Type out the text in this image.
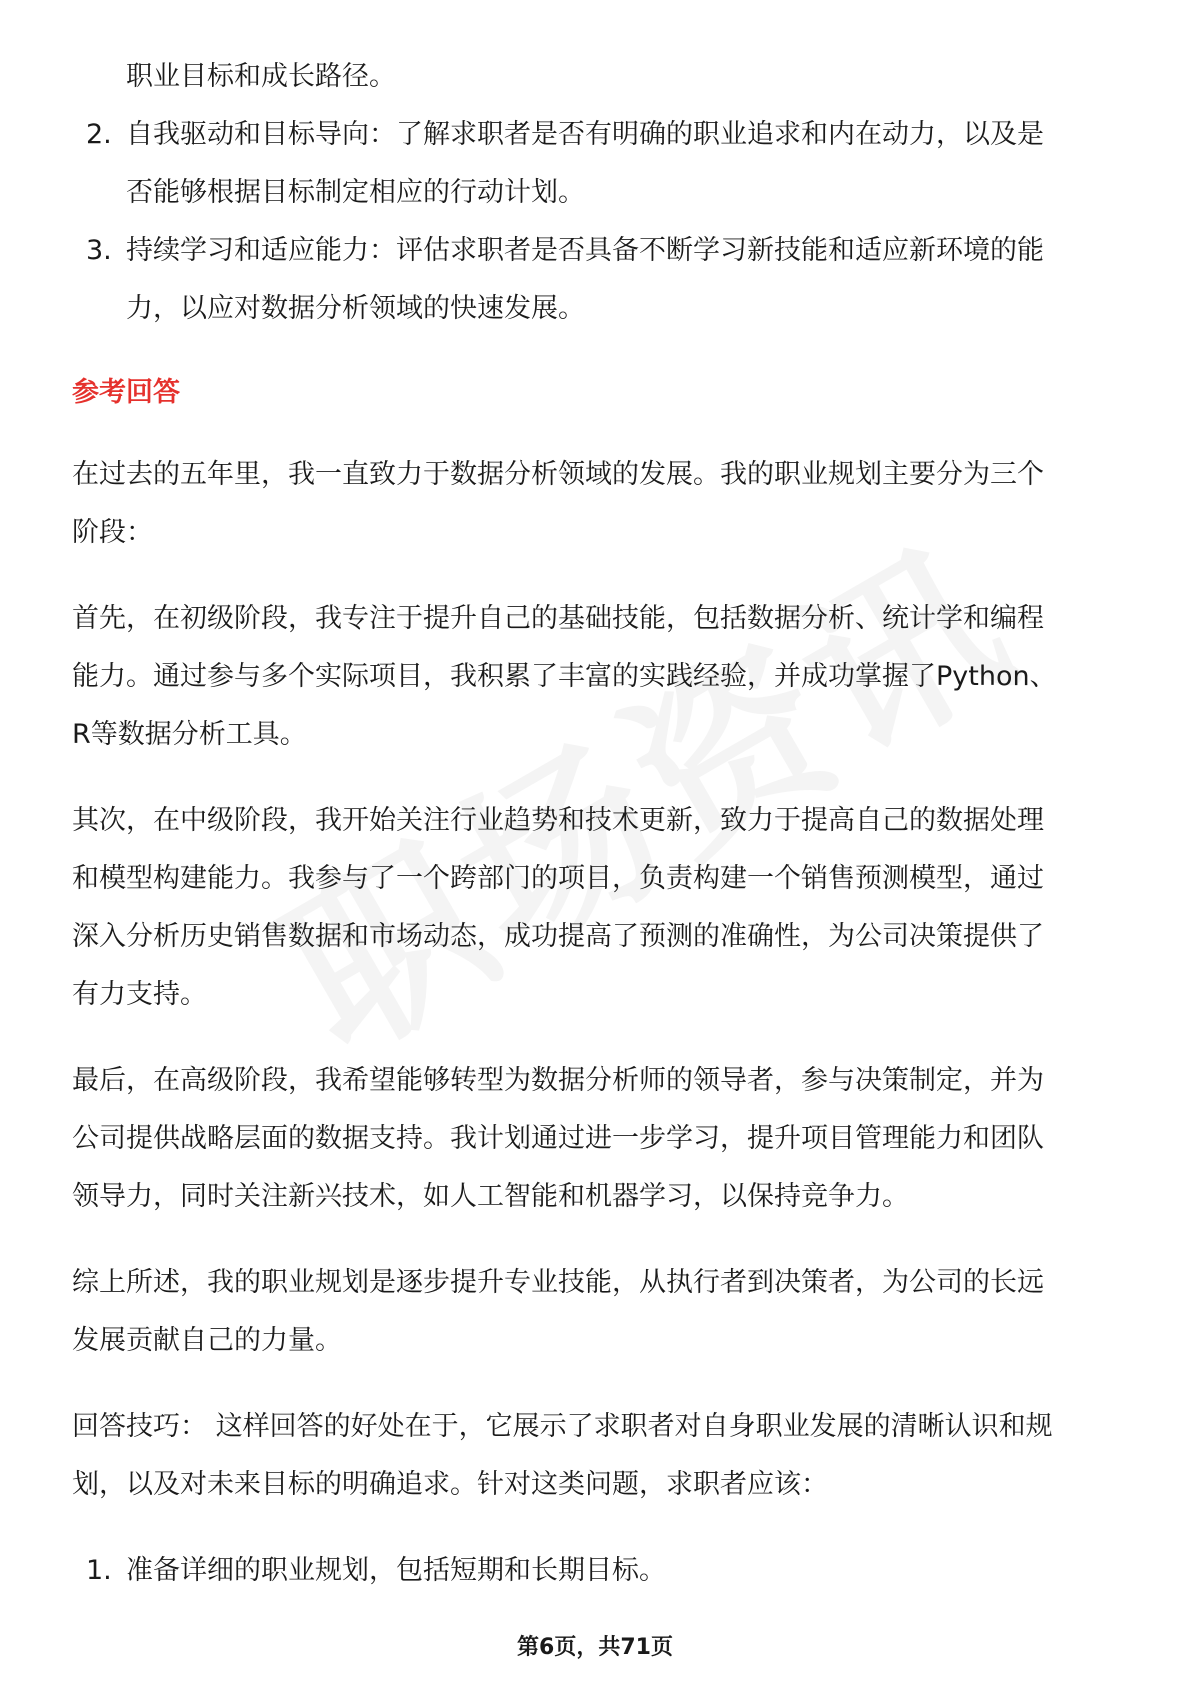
职业目标和成长路径。
2. 自我驱动和目标导向：了解求职者是否有明确的职业追求和内在动力，以及是
否能够根据目标制定相应的行动计划。
3. 持续学习和适应能力：评估求职者是否具备不断学习新技能和适应新环境的能
力，以应对数据分析领域的快速发展。
参考回答
在过去的五年里，我一直致力于数据分析领域的发展。我的职业规划主要分为三个
阶段：
首先，在初级阶段，我专注于提升自己的基础技能，包括数据分析、统计学和编程
能力。通过参与多个实际项目，我积累了丰富的实践经验，并成功掌握了Python、
R等数据分析工具。
其次，在中级阶段，我开始关注行业趋势和技术更新，致力于提高自己的数据处理
和模型构建能力。我参与了一个跨部门的项目，负责构建一个销售预测模型，通过
深入分析历史销售数据和市场动态，成功提高了预测的准确性，为公司决策提供了
有力支持。
最后，在高级阶段，我希望能够转型为数据分析师的领导者，参与决策制定，并为
公司提供战略层面的数据支持。我计划通过进一步学习，提升项目管理能力和团队
领导力，同时关注新兴技术，如人工智能和机器学习，以保持竞争力。
综上所述，我的职业规划是逐步提升专业技能，从执行者到决策者，为公司的长远
发展贡献自己的力量。
回答技巧： 这样回答的好处在于，它展示了求职者对自身职业发展的清晰认识和规
划，以及对未来目标的明确追求。针对这类问题，求职者应该：
1. 准备详细的职业规划，包括短期和长期目标。
第6页，共71页
